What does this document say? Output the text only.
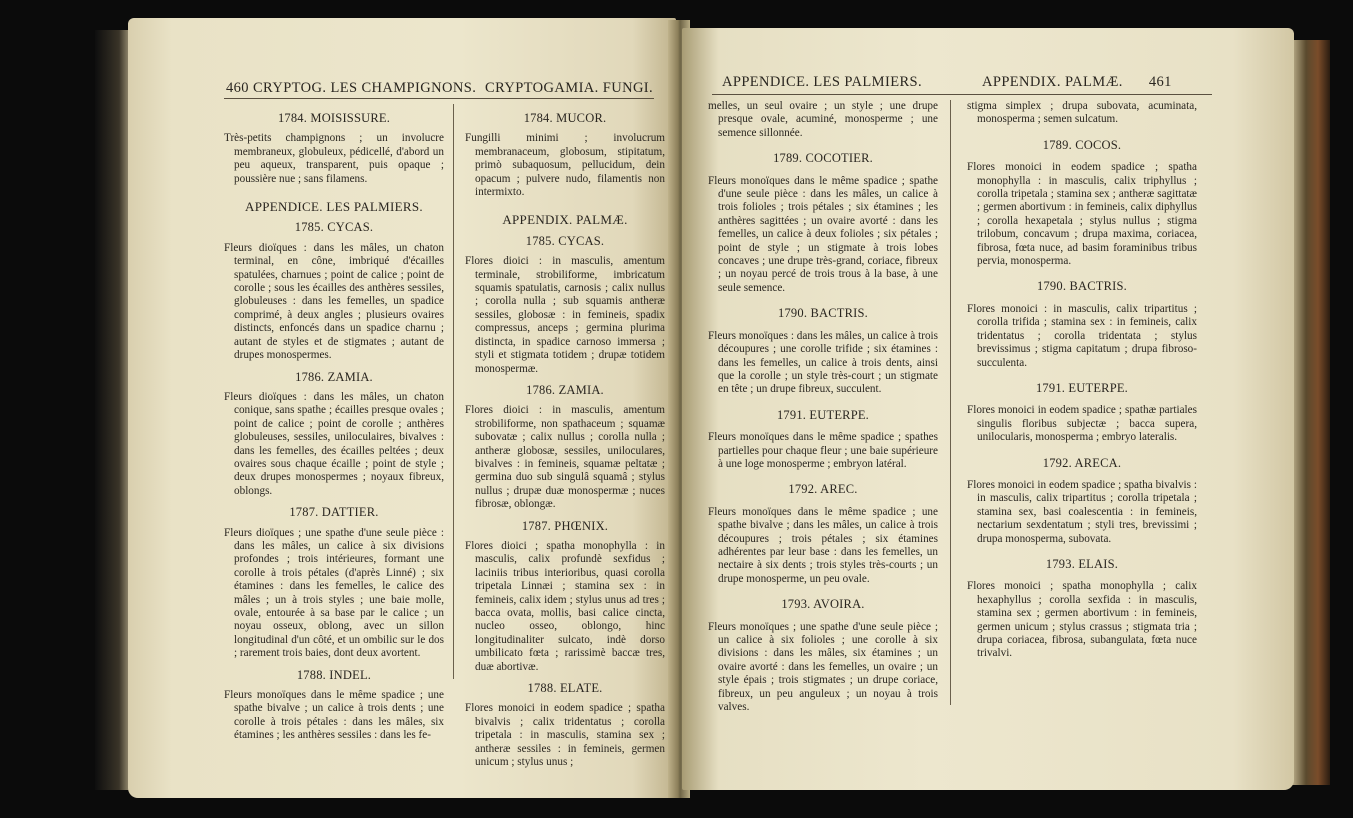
460 CRYPTOG. LES CHAMPIGNONS. CRYPTOGAMIA. FUNGI.
1784. MOISISSURE.
Très-petits champignons ; un involucre membraneux, globuleux, pédicellé, d'abord un peu aqueux, transparent, puis opaque ; poussière nue ; sans filamens.
APPENDICE. LES PALMIERS.
1785. CYCAS.
Fleurs dioïques : dans les mâles, un chaton terminal, en cône, imbriqué d'écailles spatulées, charnues ; point de calice ; point de corolle ; sous les écailles des anthères sessiles, globuleuses : dans les femelles, un spadice comprimé, à deux angles ; plusieurs ovaires distincts, enfoncés dans un spadice charnu ; autant de styles et de stigmates ; autant de drupes monospermes.
1786. ZAMIA.
Fleurs dioïques : dans les mâles, un chaton conique, sans spathe ; écailles presque ovales ; point de calice ; point de corolle ; anthères globuleuses, sessiles, uniloculaires, bivalves : dans les femelles, des écailles peltées ; deux ovaires sous chaque écaille ; point de style ; deux drupes monospermes ; noyaux fibreux, oblongs.
1787. DATTIER.
Fleurs dioïques ; une spathe d'une seule pièce : dans les mâles, un calice à six divisions profondes ; trois intérieures, formant une corolle à trois pétales (d'après Linné) ; six étamines : dans les femelles, le calice des mâles ; un à trois styles ; une baie molle, ovale, entourée à sa base par le calice ; un noyau osseux, oblong, avec un sillon longitudinal d'un côté, et un ombilic sur le dos ; rarement trois baies, dont deux avortent.
1788. INDEL.
Fleurs monoïques dans le même spadice ; une spathe bivalve ; un calice à trois dents ; une corolle à trois pétales : dans les mâles, six étamines ; les anthères sessiles : dans les fe-
1784. MUCOR.
Fungilli minimi ; involucrum membranaceum, globosum, stipitatum, primò subaquosum, pellucidum, dein opacum ; pulvere nudo, filamentis non intermixto.
APPENDIX. PALMÆ.
1785. CYCAS.
Flores dioici : in masculis, amentum terminale, strobiliforme, imbricatum squamis spatulatis, carnosis ; calix nullus ; corolla nulla ; sub squamis antheræ sessiles, globosæ : in femineis, spadix compressus, anceps ; germina plurima distincta, in spadice carnoso immersa ; styli et stigmata totidem ; drupæ totidem monospermæ.
1786. ZAMIA.
Flores dioici : in masculis, amentum strobiliforme, non spathaceum ; squamæ subovatæ ; calix nullus ; corolla nulla ; antheræ globosæ, sessiles, uniloculares, bivalves : in femineis, squamæ peltatæ ; germina duo sub singulâ squamâ ; stylus nullus ; drupæ duæ monospermæ ; nuces fibrosæ, oblongæ.
1787. PHŒNIX.
Flores dioici ; spatha monophylla : in masculis, calix profundè sexfidus ; laciniis tribus interioribus, quasi corolla tripetala Linnæi ; stamina sex : in femineis, calix idem ; stylus unus ad tres ; bacca ovata, mollis, basi calice cincta, nucleo osseo, oblongo, hinc longitudinaliter sulcato, indè dorso umbilicato fœta ; rarissimè baccæ tres, duæ abortivæ.
1788. ELATE.
Flores monoici in eodem spadice ; spatha bivalvis ; calix tridentatus ; corolla tripetala : in masculis, stamina sex ; antheræ sessiles : in femineis, germen unicum ; stylus unus ;
APPENDICE. LES PALMIERS.	APPENDIX. PALMÆ. 461
melles, un seul ovaire ; un style ; une drupe presque ovale, acuminé, monosperme ; une semence sillonnée.
1789. COCOTIER.
Fleurs monoïques dans le même spadice ; spathe d'une seule pièce : dans les mâles, un calice à trois folioles ; trois pétales ; six étamines ; les anthères sagittées ; un ovaire avorté : dans les femelles, un calice à deux folioles ; six pétales ; point de style ; un stigmate à trois lobes concaves ; une drupe très-grand, coriace, fibreux ; un noyau percé de trois trous à la base, à une seule semence.
1790. BACTRIS.
Fleurs monoïques : dans les mâles, un calice à trois découpures ; une corolle trifide ; six étamines : dans les femelles, un calice à trois dents, ainsi que la corolle ; un style très-court ; un stigmate en tête ; un drupe fibreux, succulent.
1791. EUTERPE.
Fleurs monoïques dans le même spadice ; spathes partielles pour chaque fleur ; une baie supérieure à une loge monosperme ; embryon latéral.
1792. AREC.
Fleurs monoïques dans le même spadice ; une spathe bivalve ; dans les mâles, un calice à trois découpures ; trois pétales ; six étamines adhérentes par leur base : dans les femelles, un nectaire à six dents ; trois styles très-courts ; un drupe monosperme, un peu ovale.
1793. AVOIRA.
Fleurs monoïques ; une spathe d'une seule pièce ; un calice à six folioles ; une corolle à six divisions : dans les mâles, six étamines ; un ovaire avorté : dans les femelles, un ovaire ; un style épais ; trois stigmates ; un drupe coriace, fibreux, un peu anguleux ; un noyau à trois valves.
stigma simplex ; drupa subovata, acuminata, monosperma ; semen sulcatum.
1789. COCOS.
Flores monoici in eodem spadice ; spatha monophylla : in masculis, calix triphyllus ; corolla tripetala ; stamina sex ; antheræ sagittatæ ; germen abortivum : in femineis, calix diphyllus ; corolla hexapetala ; stylus nullus ; stigma trilobum, concavum ; drupa maxima, coriacea, fibrosa, fœta nuce, ad basim foraminibus tribus pervia, monosperma.
1790. BACTRIS.
Flores monoici : in masculis, calix tripartitus ; corolla trifida ; stamina sex : in femineis, calix tridentatus ; corolla tridentata ; stylus brevissimus ; stigma capitatum ; drupa fibroso-succulenta.
1791. EUTERPE.
Flores monoici in eodem spadice ; spathæ partiales singulis floribus subjectæ ; bacca supera, unilocularis, monosperma ; embryo lateralis.
1792. ARECA.
Flores monoici in eodem spadice ; spatha bivalvis : in masculis, calix tripartitus ; corolla tripetala ; stamina sex, basi coalescentia : in femineis, nectarium sexdentatum ; styli tres, brevissimi ; drupa monosperma, subovata.
1793. ELAIS.
Flores monoici ; spatha monophylla ; calix hexaphyllus ; corolla sexfida : in masculis, stamina sex ; germen abortivum : in femineis, germen unicum ; stylus crassus ; stigmata tria ; drupa coriacea, fibrosa, subangulata, fœta nuce trivalvi.
